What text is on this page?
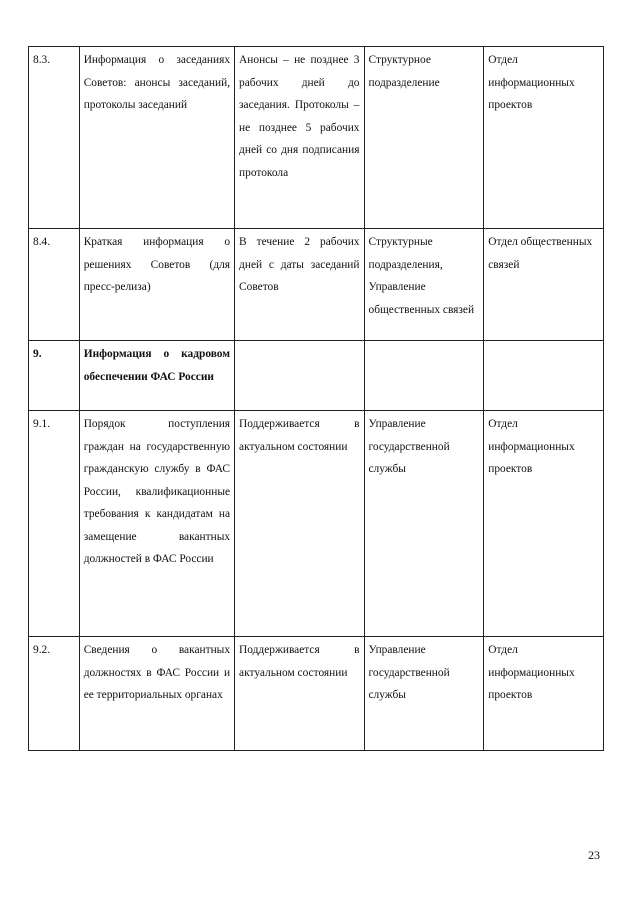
8.3.	Информация о заседаниях Советов: анонсы заседаний, протоколы заседаний	Анонсы – не позднее 3 рабочих дней до заседания. Протоколы – не позднее 5 рабочих дней со дня подписания протокола	Структурное подразделение	Отдел информационных проектов
8.4.	Краткая информация о решениях Советов (для пресс-релиза)	В течение 2 рабочих дней с даты заседаний Советов	Структурные подразделения, Управление общественных связей	Отдел общественных связей
9.	Информация о кадровом обеспечении ФАС России			
9.1.	Порядок поступления граждан на государственную гражданскую службу в ФАС России, квалификационные требования к кандидатам на замещение вакантных должностей в ФАС России	Поддерживается в актуальном состоянии	Управление государственной службы	Отдел информационных проектов
9.2.	Сведения о вакантных должностях в ФАС России и ее территориальных органах	Поддерживается в актуальном состоянии	Управление государственной службы	Отдел информационных проектов
23
